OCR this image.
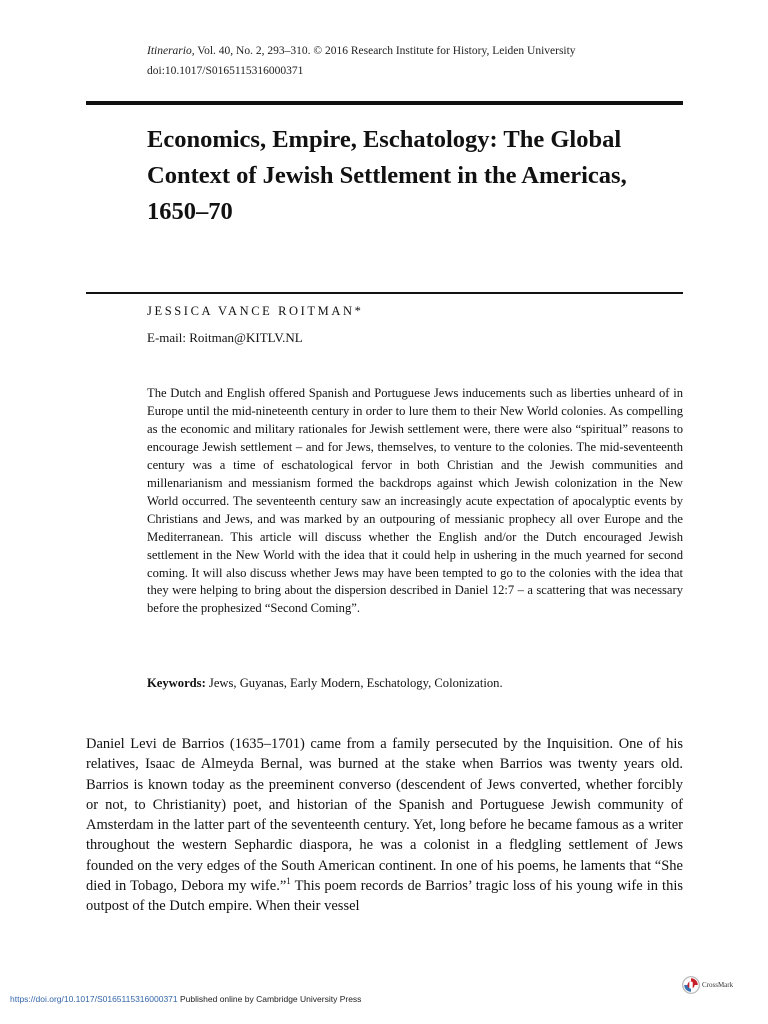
Itinerario, Vol. 40, No. 2, 293–310. © 2016 Research Institute for History, Leiden University
doi:10.1017/S0165115316000371
Economics, Empire, Eschatology: The Global Context of Jewish Settlement in the Americas, 1650–70
JESSICA VANCE ROITMAN*
E-mail: Roitman@KITLV.NL

The Dutch and English offered Spanish and Portuguese Jews inducements such as liberties unheard of in Europe until the mid-nineteenth century in order to lure them to their New World colonies. As compelling as the economic and military rationales for Jewish settlement were, there were also “spiritual” reasons to encourage Jewish settlement – and for Jews, themselves, to venture to the colonies. The mid-seventeenth century was a time of eschatological fervor in both Christian and the Jewish communities and millenarianism and messianism formed the backdrops against which Jewish colonization in the New World occurred. The seventeenth century saw an increasingly acute expectation of apocalyptic events by Christians and Jews, and was marked by an outpouring of messianic prophecy all over Europe and the Mediterranean. This article will discuss whether the English and/or the Dutch encouraged Jewish settlement in the New World with the idea that it could help in ushering in the much yearned for second coming. It will also discuss whether Jews may have been tempted to go to the colonies with the idea that they were helping to bring about the dispersion described in Daniel 12:7 – a scattering that was necessary before the prophesized “Second Coming”.

Keywords: Jews, Guyanas, Early Modern, Eschatology, Colonization.

Daniel Levi de Barrios (1635–1701) came from a family persecuted by the Inquisition. One of his relatives, Isaac de Almeyda Bernal, was burned at the stake when Barrios was twenty years old. Barrios is known today as the preeminent converso (descendent of Jews converted, whether forcibly or not, to Christianity) poet, and historian of the Spanish and Portuguese Jewish community of Amsterdam in the latter part of the seventeenth century. Yet, long before he became famous as a writer throughout the western Sephardic diaspora, he was a colonist in a fledgling settlement of Jews founded on the very edges of the South American continent. In one of his poems, he laments that “She died in Tobago, Debora my wife.”$^1$ This poem records de Barrios’ tragic loss of his young wife in this outpost of the Dutch empire. When their vessel

https://doi.org/10.1017/S0165115316000371 Published online by Cambridge University Press
CrossMark
